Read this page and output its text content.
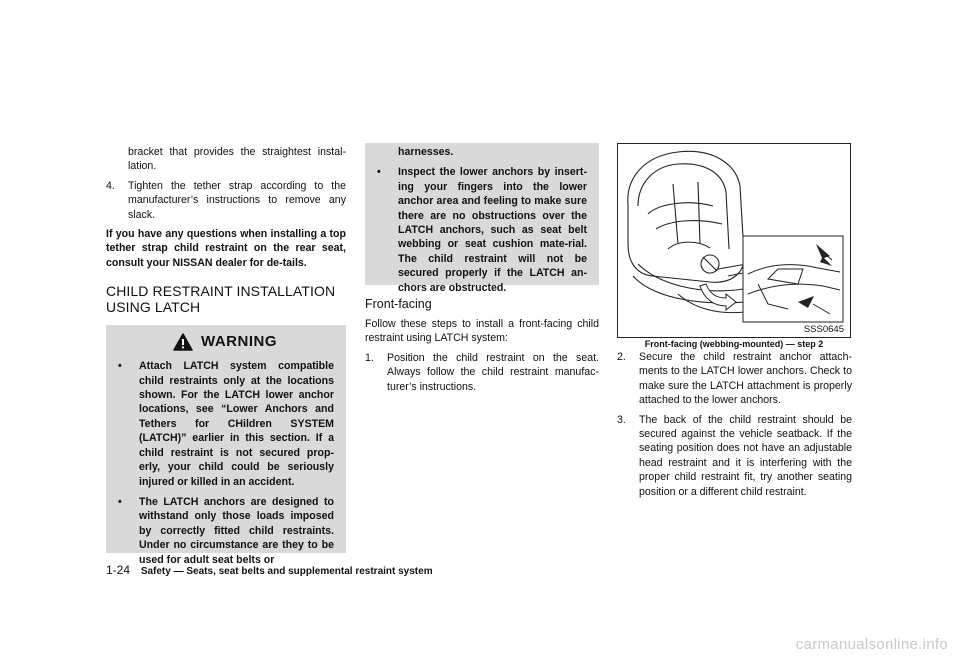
bracket that provides the straightest instal-lation.

4. Tighten the tether strap according to the manufacturer’s instructions to remove any slack.

If you have any questions when installing a top tether strap child restraint on the rear seat, consult your NISSAN dealer for de-tails.

CHILD RESTRAINT INSTALLATION
USING LATCH
WARNING

• Attach LATCH system compatible child restraints only at the locations shown. For the LATCH lower anchor locations, see “Lower Anchors and Tethers for CHildren SYSTEM (LATCH)” earlier in this section. If a child restraint is not secured prop-erly, your child could be seriously injured or killed in an accident.

• The LATCH anchors are designed to withstand only those loads imposed by correctly fitted child restraints. Under no circumstance are they to be used for adult seat belts or

harnesses.

• Inspect the lower anchors by insert-ing your fingers into the lower anchor area and feeling to make sure there are no obstructions over the LATCH anchors, such as seat belt webbing or seat cushion mate-rial. The child restraint will not be secured properly if the LATCH an-chors are obstructed.

Front-facing

Follow these steps to install a front-facing child restraint using LATCH system:

1. Position the child restraint on the seat. Always follow the child restraint manufac-turer’s instructions.

SSS0645
Front-facing (webbing-mounted) — step 2

2. Secure the child restraint anchor attach-ments to the LATCH lower anchors. Check to make sure the LATCH attachment is properly attached to the lower anchors.

3. The back of the child restraint should be secured against the vehicle seatback. If the seating position does not have an adjustable head restraint and it is interfering with the proper child restraint fit, try another seating position or a different child restraint.

1-24 Safety — Seats, seat belts and supplemental restraint system
carmanualsonline.info
